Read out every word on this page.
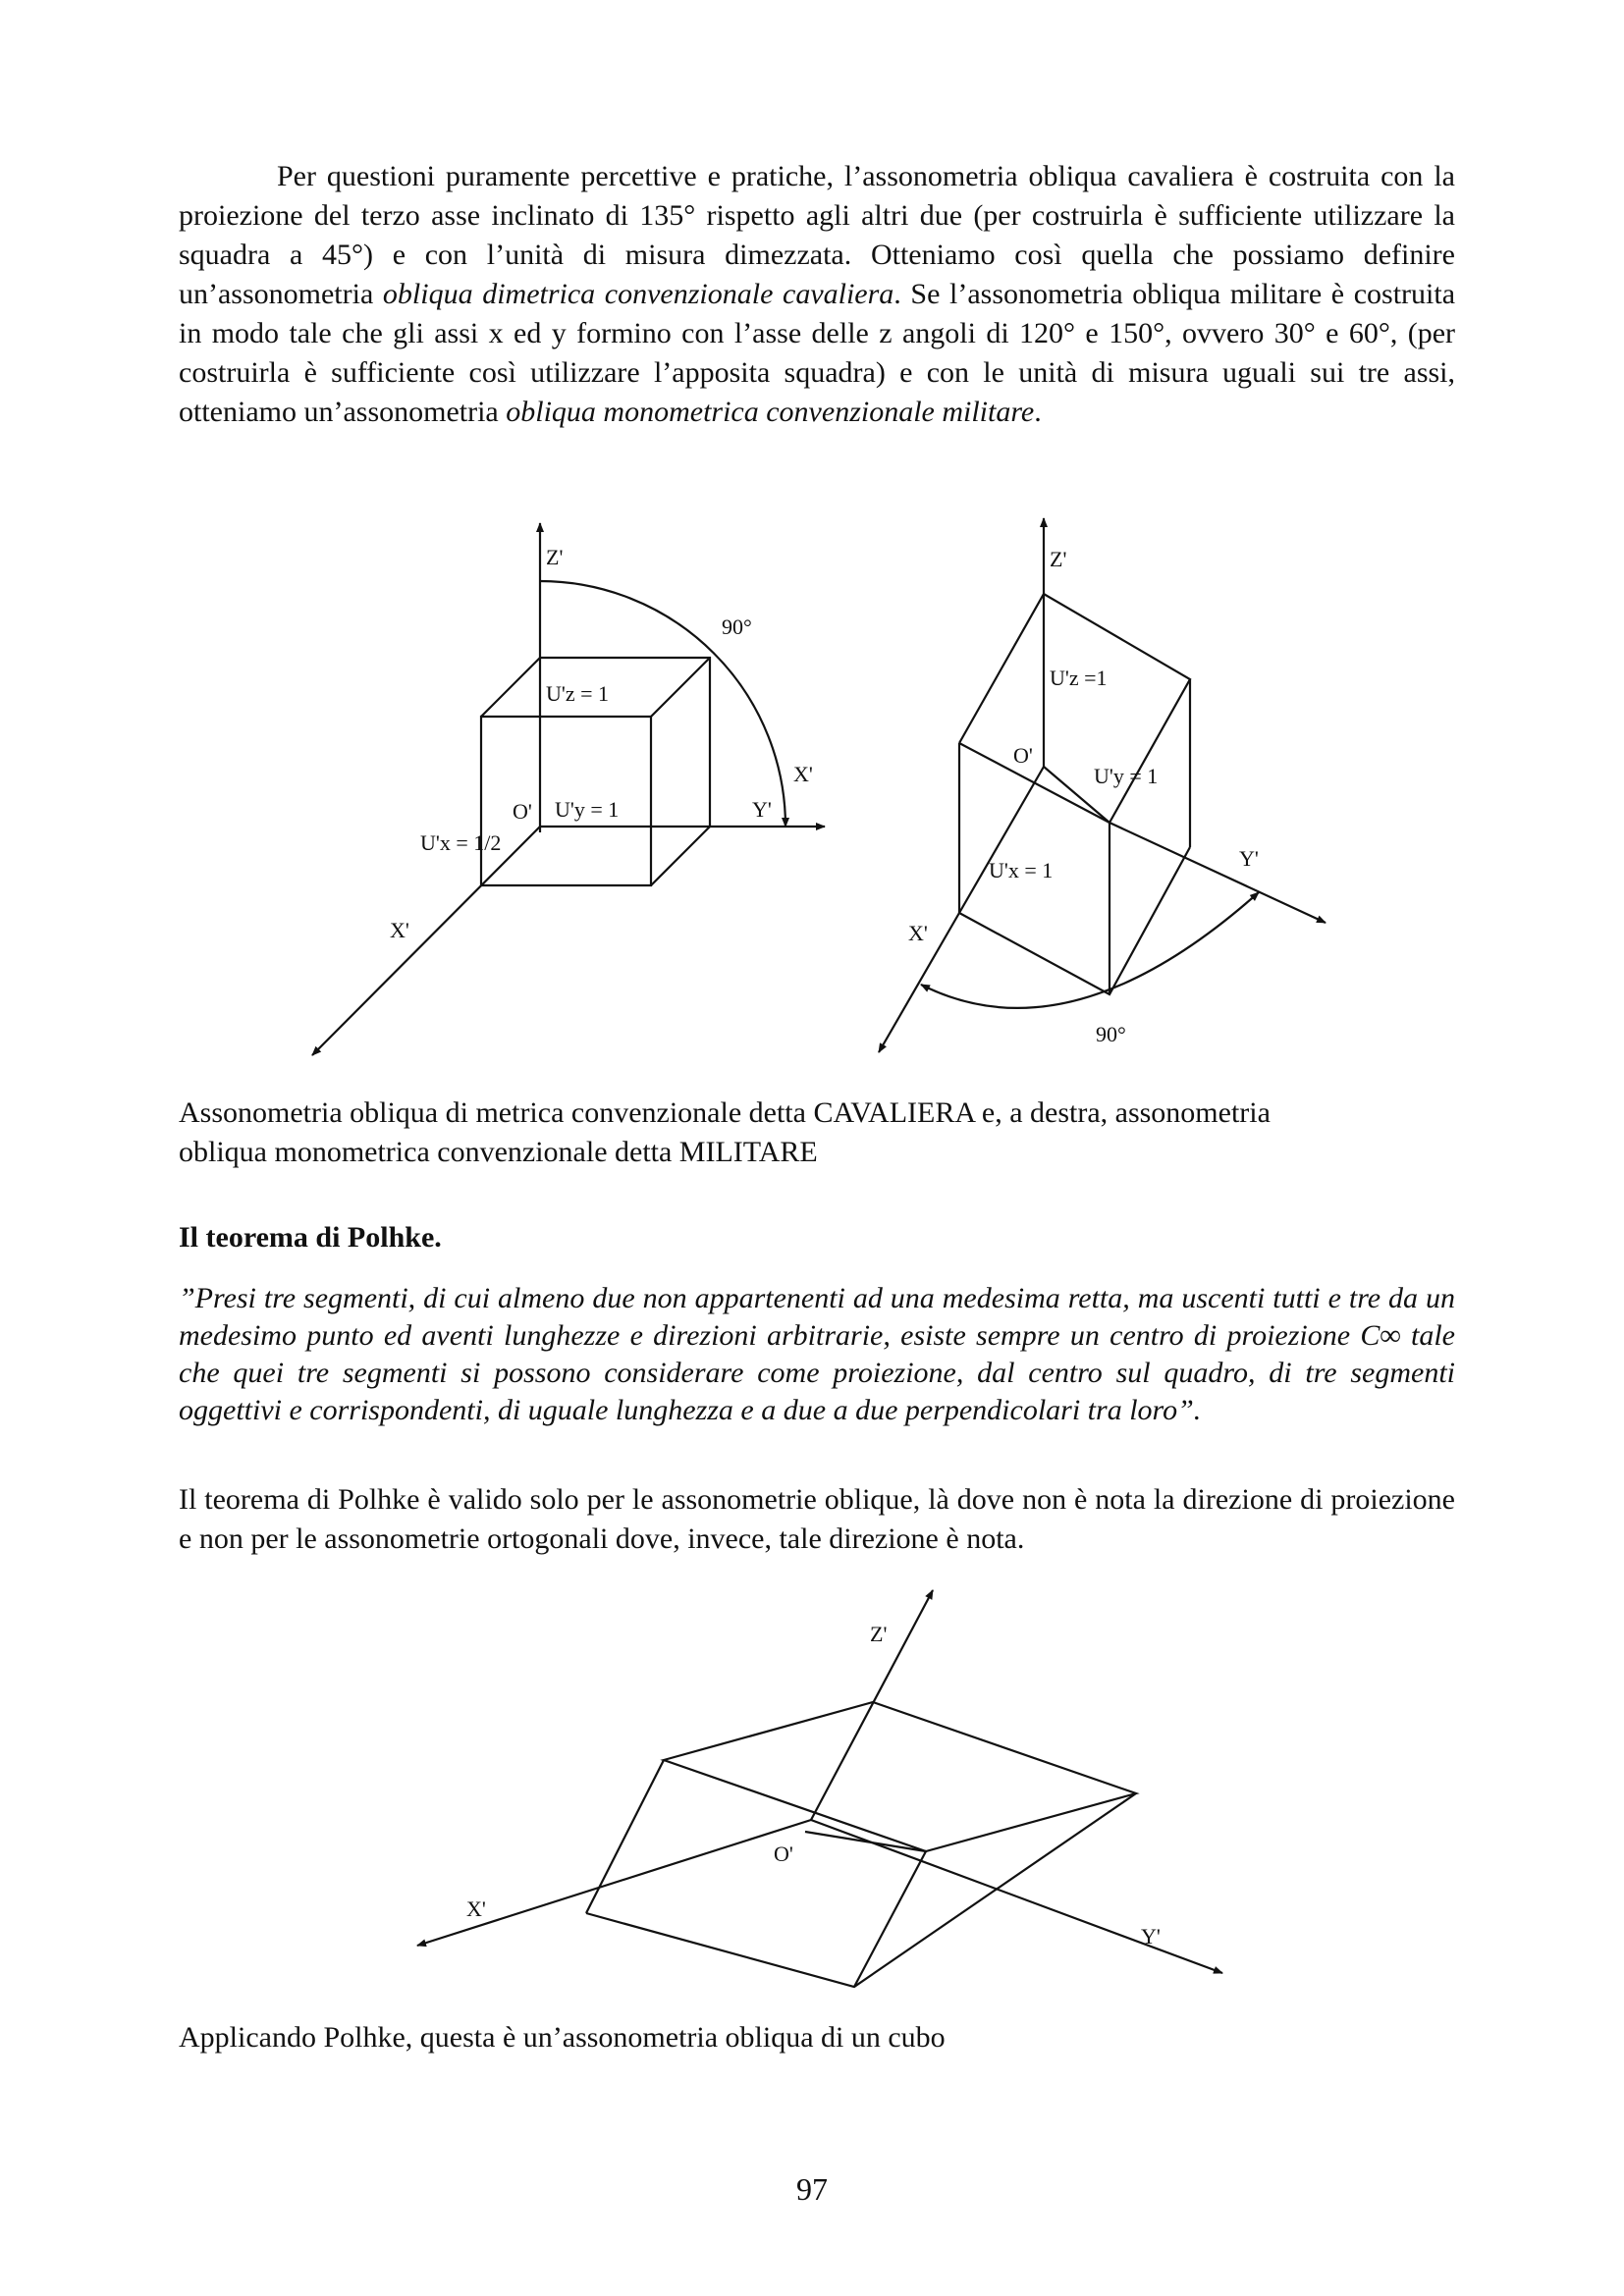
Per questioni puramente percettive e pratiche, l’assonometria obliqua cavaliera è costruita con la proiezione del terzo asse inclinato di 135° rispetto agli altri due (per costruirla è sufficiente utilizzare la squadra a 45°) e con l’unità di misura dimezzata. Otteniamo così quella che possiamo definire un’assonometria obliqua dimetrica convenzionale cavaliera. Se l’assonometria obliqua militare è costruita in modo tale che gli assi x ed y formino con l’asse delle z angoli di 120° e 150°, ovvero 30° e 60°, (per costruirla è sufficiente così utilizzare l’apposita squadra) e con le unità di misura uguali sui tre assi, otteniamo un’assonometria obliqua monometrica convenzionale militare.

Z'
90°
U'z = 1
X'
O' U'y = 1	Y'
U'x = 1/2
X'
Z'
U'z =1
O'
U'y = 1
Y'
U'x = 1
X'
90°

Assonometria obliqua di metrica convenzionale detta CAVALIERA e, a destra, assonometria
obliqua monometrica convenzionale detta MILITARE

Il teorema di Polhke.

”Presi tre segmenti, di cui almeno due non appartenenti ad una medesima retta, ma uscenti tutti e tre da un medesimo punto ed aventi lunghezze e direzioni arbitrarie, esiste sempre un centro di proiezione C∞ tale che quei tre segmenti si possono considerare come proiezione, dal centro sul quadro, di tre segmenti oggettivi e corrispondenti, di uguale lunghezza e a due a due perpendicolari tra loro”.

Il teorema di Polhke è valido solo per le assonometrie oblique, là dove non è nota la direzione di proiezione e non per le assonometrie ortogonali dove, invece, tale direzione è nota.

Z'
O'
X'
Y'

Applicando Polhke, questa è un’assonometria obliqua di un cubo

97
